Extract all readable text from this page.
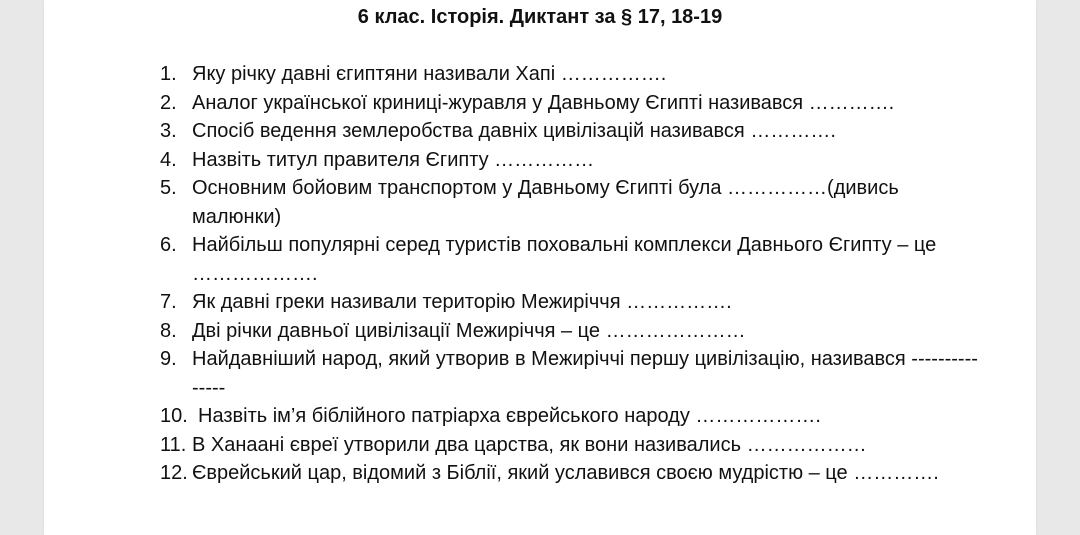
6 клас. Історія. Диктант за § 17, 18-19
1. Яку річку давні єгиптяни називали Хапі …………….
2. Аналог української криниці-журавля у Давньому Єгипті називався ………….
3. Спосіб ведення землеробства давніх цивілізацій називався ………….
4. Назвіть титул правителя Єгипту ……………
5. Основним бойовим транспортом у Давньому Єгипті була ……………(дивись малюнки)
6. Найбільш популярні серед туристів поховальні комплекси Давнього Єгипту – це ……………….
7. Як давні греки називали територію Межиріччя …………….
8. Дві річки давньої цивілізації Межиріччя – це …………………
9. Найдавніший народ, який утворив в Межиріччі першу цивілізацію, називався ---------------
10. Назвіть ім’я біблійного патріарха єврейського народу ……………….
11. В Ханаані євреї утворили два царства, як вони називались ………………
12. Єврейський цар, відомий з Біблії, який уславився своєю мудрістю – це ………….
